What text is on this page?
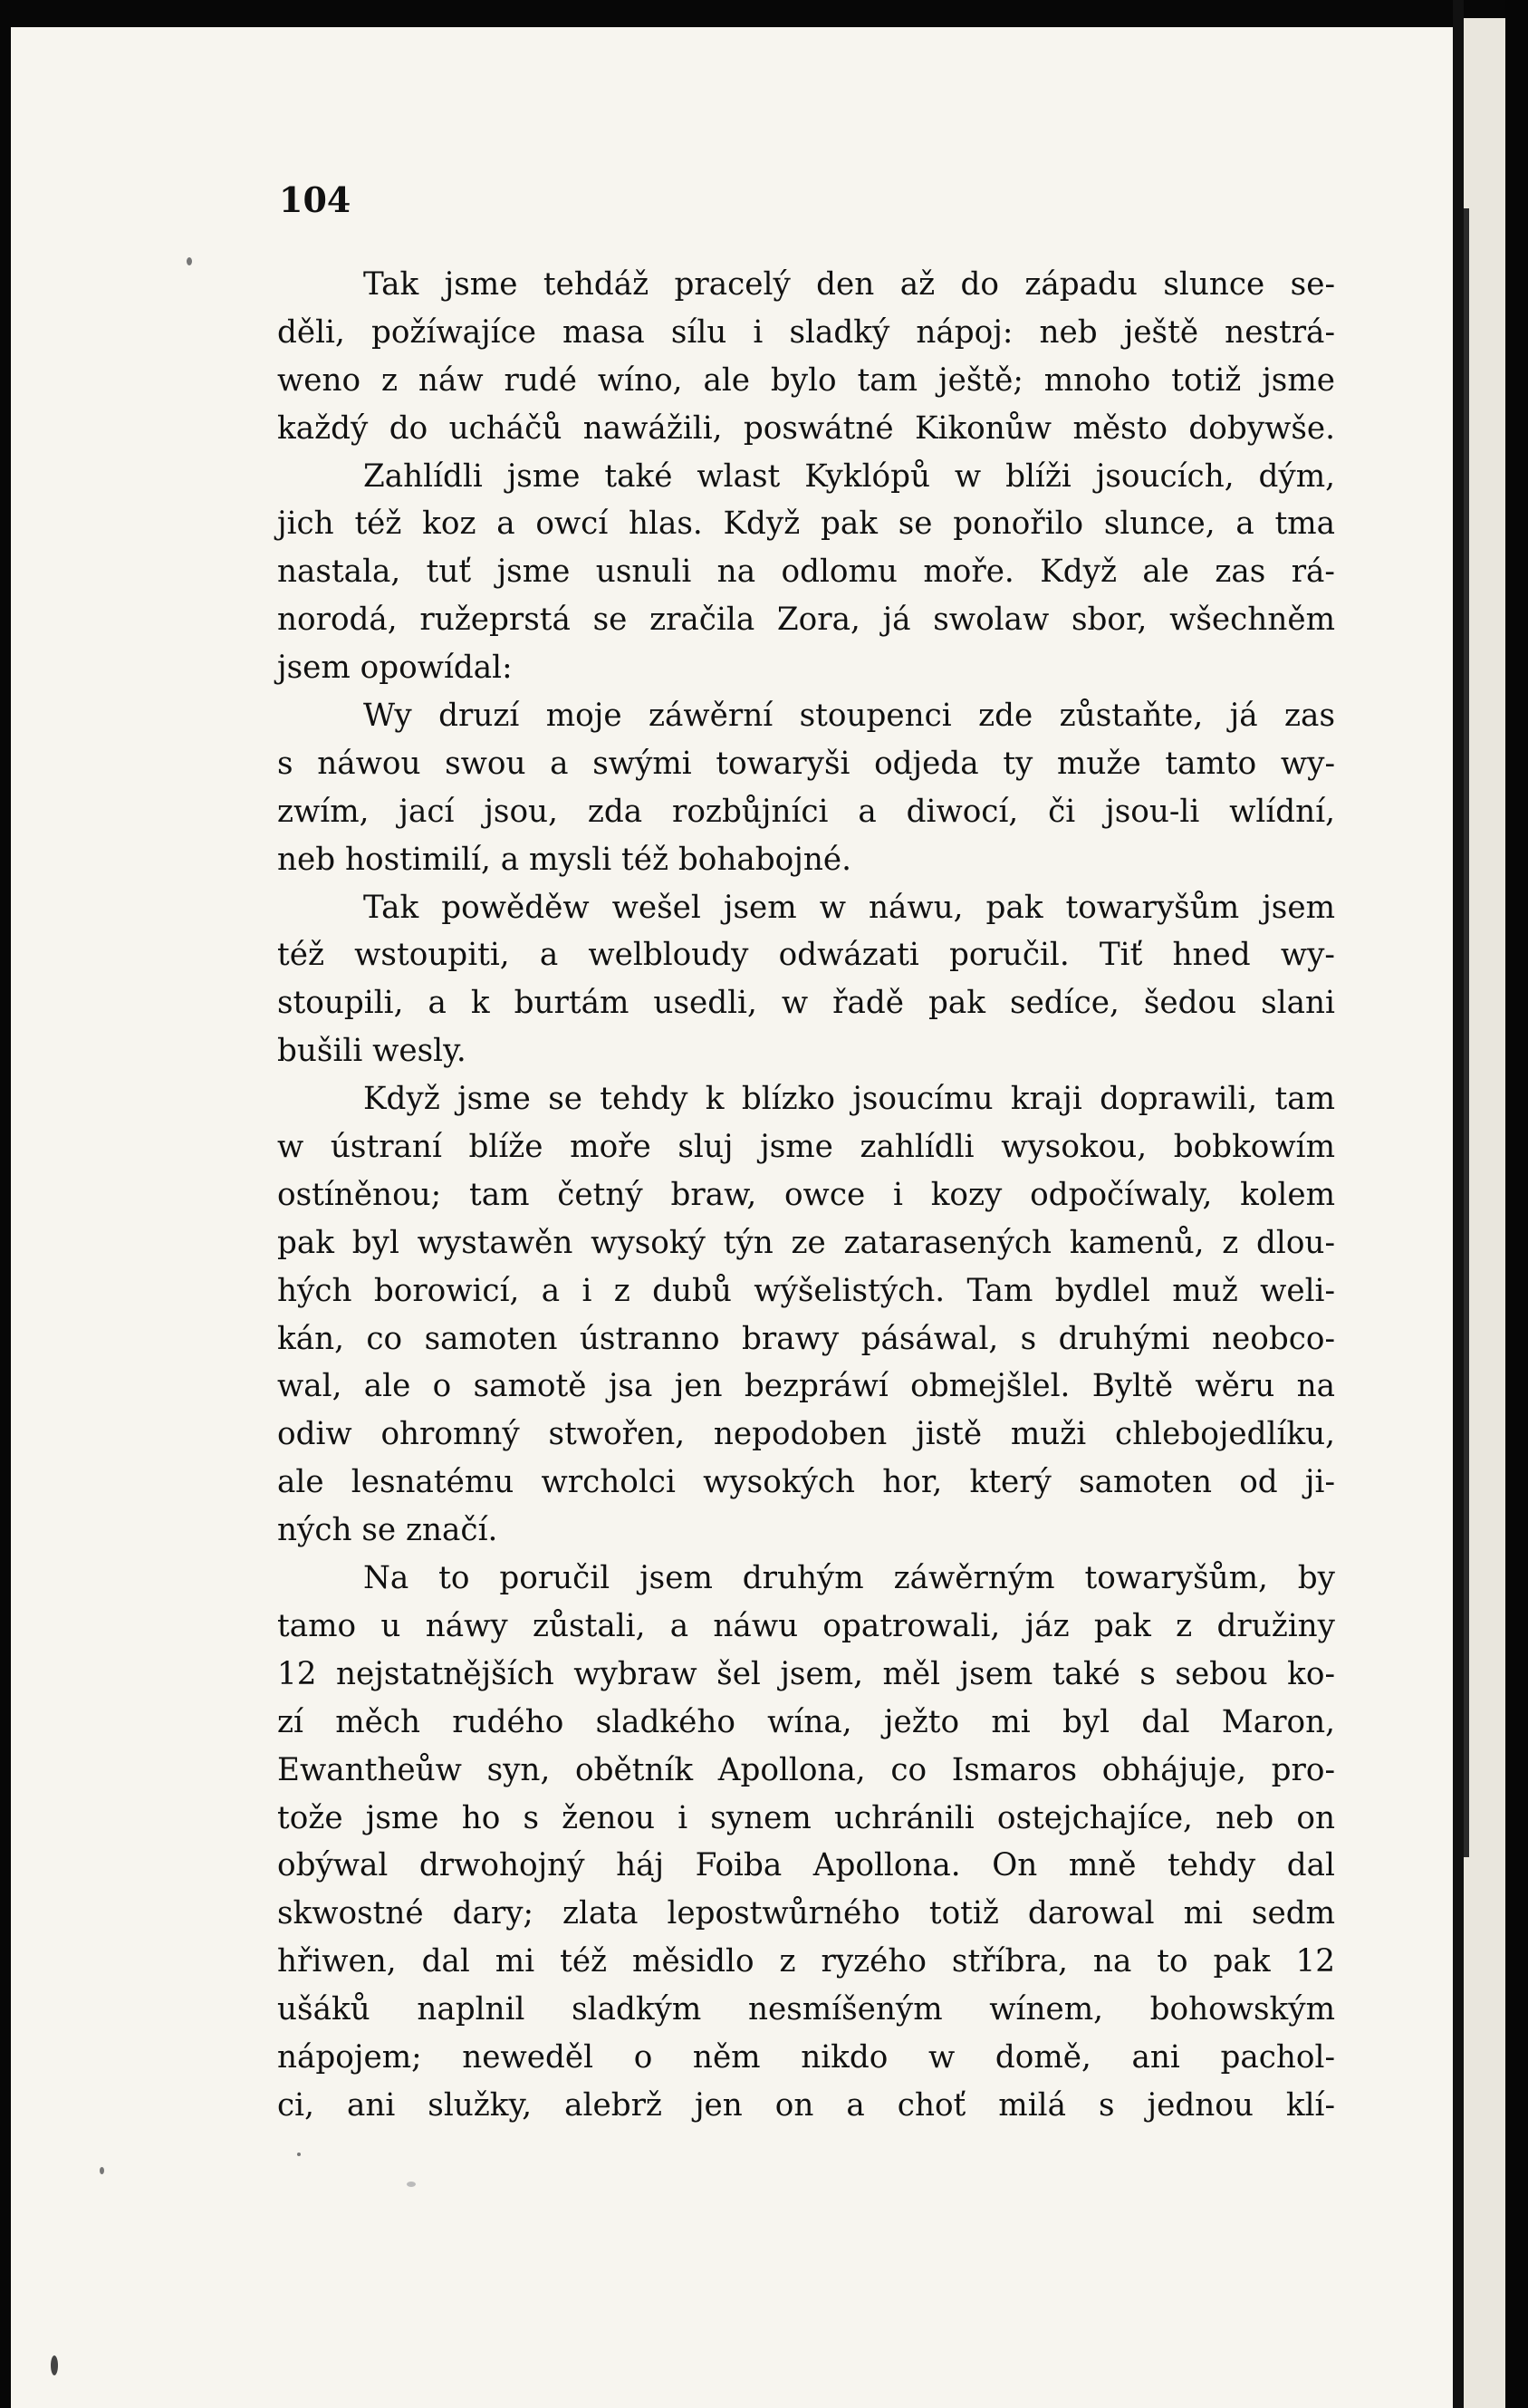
104

Tak jsme tehdáž pracelý den až do západu slunce se-
děli, požíwajíce masa sílu i sladký nápoj: neb ještě nestrá-
weno z náw rudé wíno, ale bylo tam ještě; mnoho totiž jsme
každý do ucháčů nawážili, poswátné Kikonůw město dobywše.
Zahlídli jsme také wlast Kyklópů w blíži jsoucích, dým,
jich též koz a owcí hlas. Když pak se ponořilo slunce, a tma
nastala, tuť jsme usnuli na odlomu moře. Když ale zas rá-
norodá, ružeprstá se zračila Zora, já swolaw sbor, wšechněm
jsem opowídal:
Wy druzí moje záwěrní stoupenci zde zůstaňte, já zas
s náwou swou a swými towaryši odjeda ty muže tamto wy-
zwím, jací jsou, zda rozbůjníci a diwocí, či jsou-li wlídní,
neb hostimilí, a mysli též bohabojné.
Tak powěděw wešel jsem w náwu, pak towaryšům jsem
též wstoupiti, a welbloudy odwázati poručil. Tiť hned wy-
stoupili, a k burtám usedli, w řadě pak sedíce, šedou slani
bušili wesly.
Když jsme se tehdy k blízko jsoucímu kraji doprawili, tam
w ústraní blíže moře sluj jsme zahlídli wysokou, bobkowím
ostíněnou; tam četný braw, owce i kozy odpočíwaly, kolem
pak byl wystawěn wysoký týn ze zatarasených kamenů, z dlou-
hých borowicí, a i z dubů wýšelistých. Tam bydlel muž weli-
kán, co samoten ústranno brawy pásáwal, s druhými neobco-
wal, ale o samotě jsa jen bezpráwí obmejšlel. Byltě wěru na
odiw ohromný stwořen, nepodoben jistě muži chlebojedlíku,
ale lesnatému wrcholci wysokých hor, který samoten od ji-
ných se značí.
Na to poručil jsem druhým záwěrným towaryšům, by
tamo u náwy zůstali, a náwu opatrowali, jáz pak z družiny
12 nejstatnějších wybraw šel jsem, měl jsem také s sebou ko-
zí měch rudého sladkého wína, ježto mi byl dal Maron,
Ewantheůw syn, obětník Apollona, co Ismaros obhájuje, pro-
tože jsme ho s ženou i synem uchránili ostejchajíce, neb on
obýwal drwohojný háj Foiba Apollona. On mně tehdy dal
skwostné dary; zlata lepostwůrného totiž darowal mi sedm
hřiwen, dal mi též měsidlo z ryzého stříbra, na to pak 12
ušáků naplnil sladkým nesmíšeným wínem, bohowským
nápojem; neweděl o něm nikdo w domě, ani pachol-
ci, ani služky, alebrž jen on a choť milá s jednou klí-
